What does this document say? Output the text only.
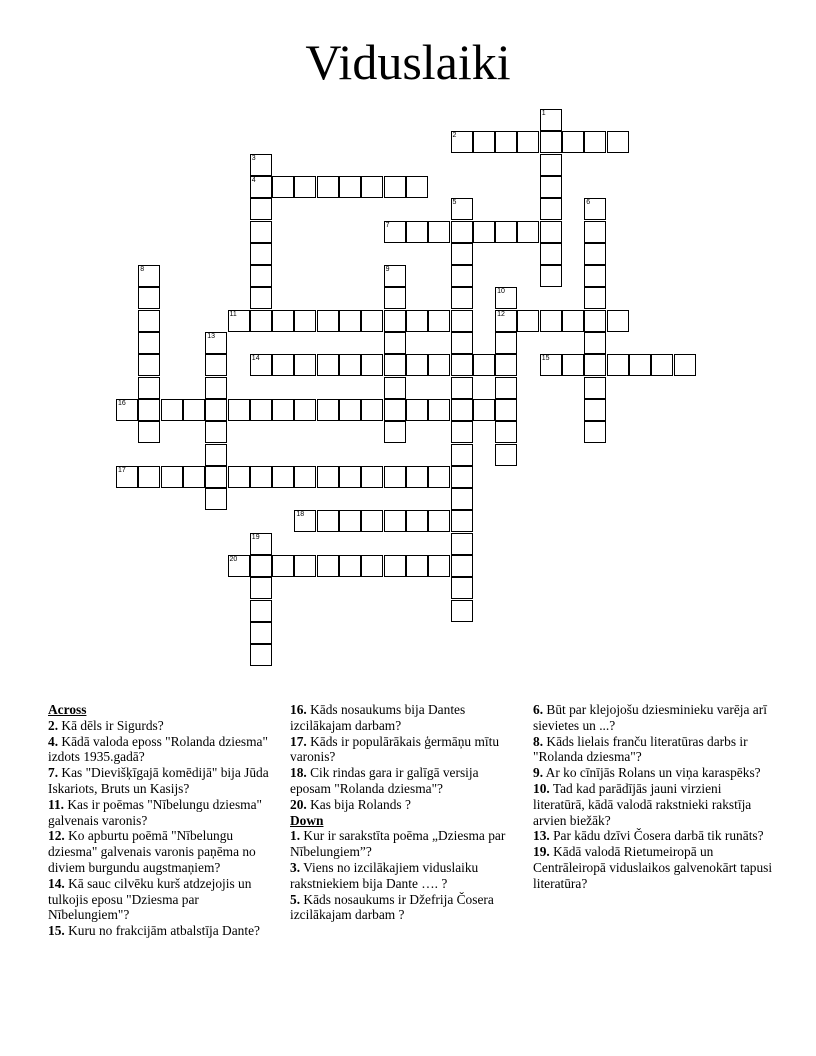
Viduslaiki
1
2
3
4
5	6
7
8	9
10
12
11
13
14	15
16
17
18
19
20

Across

2. Kā dēls ir Sigurds?

4. Kādā valoda eposs "Rolanda dziesma" izdots 1935.gadā?

7. Kas "Dievišķīgajā komēdijā" bija Jūda Iskariots, Bruts un Kasijs?

11. Kas ir poēmas "Nībelungu dziesma" galvenais varonis?

12. Ko apburtu poēmā "Nībelungu dziesma" galvenais varonis paņēma no diviem burgundu augstmaņiem?

14. Kā sauc cilvēku kurš atdzejojis un tulkojis eposu "Dziesma par Nībelungiem"?

15. Kuru no frakcijām atbalstīja Dante?

16. Kāds nosaukums bija Dantes izcilākajam darbam?

17. Kāds ir populārākais ģermāņu mītu varonis?

18. Cik rindas gara ir galīgā versija eposam "Rolanda dziesma"?

20. Kas bija Rolands ?

Down

1. Kur ir sarakstīta poēma „Dziesma par Nībelungiem”?

3. Viens no izcilākajiem viduslaiku rakstniekiem bija Dante …. ?

5. Kāds nosaukums ir Džefrija Čosera izcilākajam darbam ?

6. Būt par klejojošu dziesminieku varēja arī sievietes un ...?

8. Kāds lielais franču literatūras darbs ir "Rolanda dziesma"?

9. Ar ko cīnījās Rolans un viņa karaspēks?

10. Tad kad parādījās jauni virzieni literatūrā, kādā valodā rakstnieki rakstīja arvien biežāk?

13. Par kādu dzīvi Čosera darbā tik runāts?

19. Kādā valodā Rietumeiropā un Centrāleiropā viduslaikos galvenokārt tapusi literatūra?
